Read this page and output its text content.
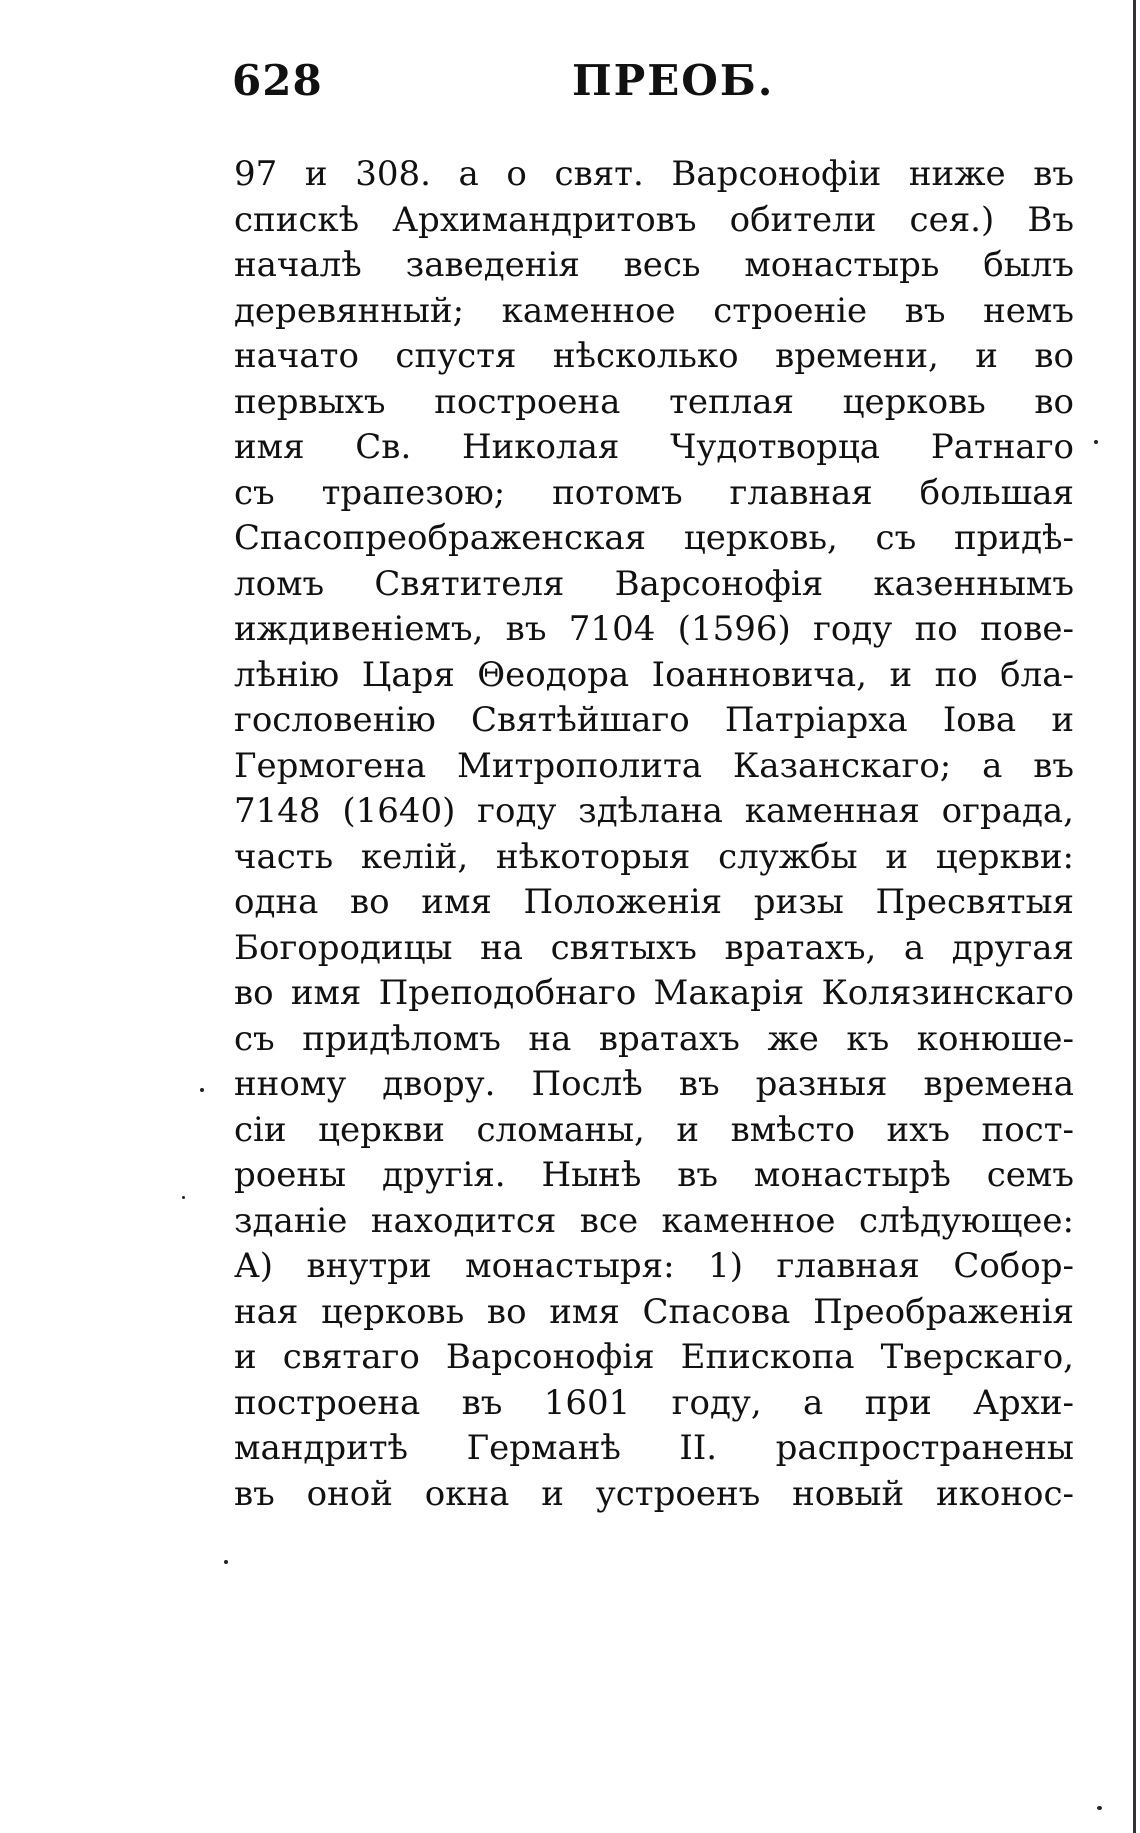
628	ПРЕОБ.
97 и 308. а о свят. Варсонофіи ниже въ
спискѣ Архимандритовъ обители сея.) Въ
началѣ заведенія весь монастырь былъ
деревянный; каменное строеніе въ немъ
начато спустя нѣсколько времени, и во
первыхъ построена теплая церковь во
имя Св. Николая Чудотворца Ратнаго
съ трапезою; потомъ главная большая
Спасопреображенская церковь, съ придѣ-
ломъ Святителя Варсонофія казеннымъ
иждивеніемъ, въ 7104 (1596) году по пове-
лѣнію Царя Θеодора Іоанновича, и по бла-
гословенію Святѣйшаго Патріарха Іова и
Гермогена Митрополита Казанскаго; а въ
7148 (1640) году здѣлана каменная ограда,
часть келій, нѣкоторыя службы и церкви:
одна во имя Положенія ризы Пресвятыя
Богородицы на святыхъ вратахъ, а другая
во имя Преподобнаго Макарія Колязинскаго
съ придѣломъ на вратахъ же къ конюше-
нному двору. Послѣ въ разныя времена
сіи церкви сломаны, и вмѣсто ихъ пост-
роены другія. Нынѣ въ монастырѣ семъ
зданіе находится все каменное слѣдующее:
А) внутри монастыря: 1) главная Собор-
ная церковь во имя Спасова Преображенія
и святаго Варсонофія Епископа Тверскаго,
построена въ 1601 году, а при Архи-
мандритѣ Германѣ II. распространены
въ оной окна и устроенъ новый иконос-
